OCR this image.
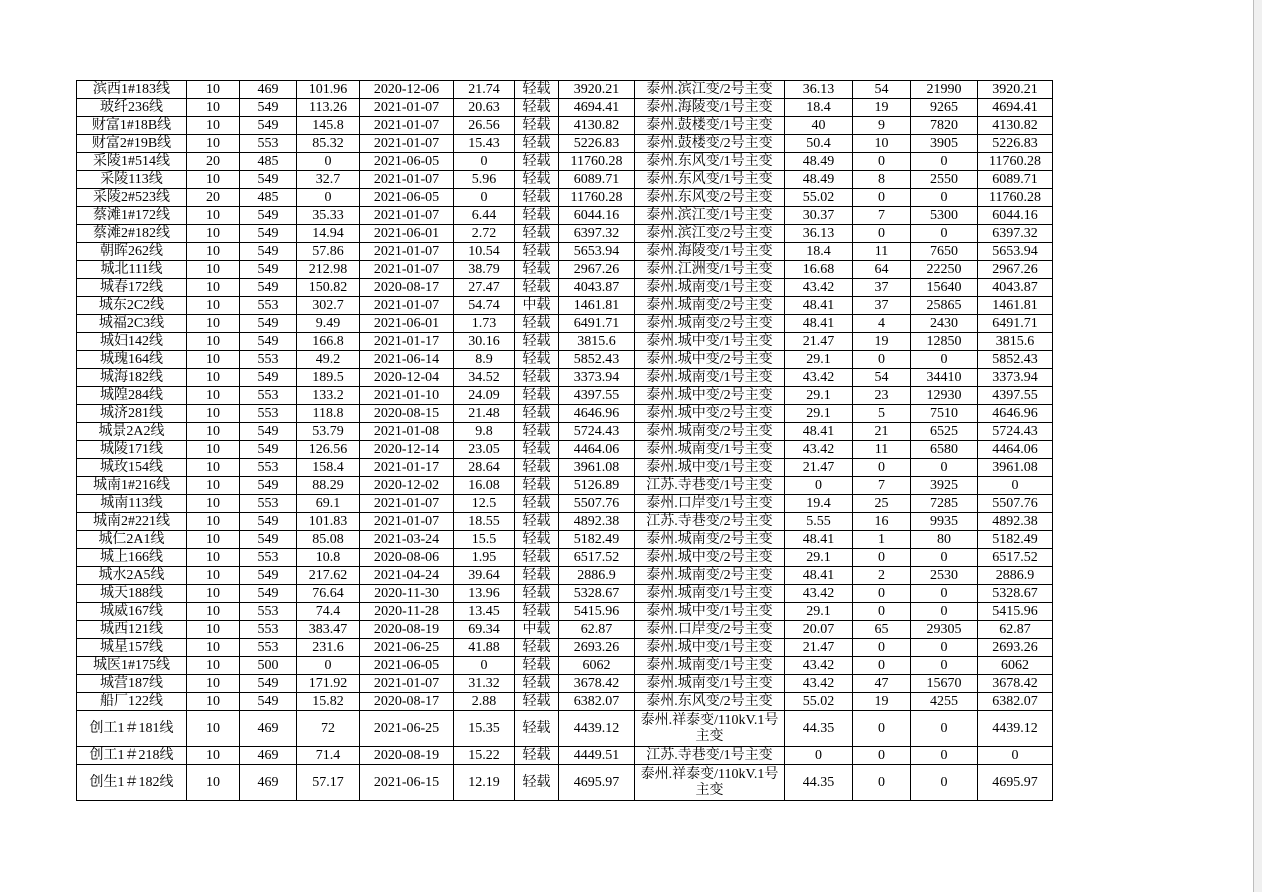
滨西1#183线	10	469	101.96	2020-12-06	21.74	轻载	3920.21	泰州.滨江变/2号主变	36.13	54	21990	3920.21
玻纤236线	10	549	113.26	2021-01-07	20.63	轻载	4694.41	泰州.海陵变/1号主变	18.4	19	9265	4694.41
财富1#18B线	10	549	145.8	2021-01-07	26.56	轻载	4130.82	泰州.鼓楼变/1号主变	40	9	7820	4130.82
财富2#19B线	10	553	85.32	2021-01-07	15.43	轻载	5226.83	泰州.鼓楼变/2号主变	50.4	10	3905	5226.83
采陵1#514线	20	485	0	2021-06-05	0	轻载	11760.28	泰州.东风变/1号主变	48.49	0	0	11760.28
采陵113线	10	549	32.7	2021-01-07	5.96	轻载	6089.71	泰州.东风变/1号主变	48.49	8	2550	6089.71
采陵2#523线	20	485	0	2021-06-05	0	轻载	11760.28	泰州.东风变/2号主变	55.02	0	0	11760.28
蔡滩1#172线	10	549	35.33	2021-01-07	6.44	轻载	6044.16	泰州.滨江变/1号主变	30.37	7	5300	6044.16
蔡滩2#182线	10	549	14.94	2021-06-01	2.72	轻载	6397.32	泰州.滨江变/2号主变	36.13	0	0	6397.32
朝晖262线	10	549	57.86	2021-01-07	10.54	轻载	5653.94	泰州.海陵变/1号主变	18.4	11	7650	5653.94
城北111线	10	549	212.98	2021-01-07	38.79	轻载	2967.26	泰州.江洲变/1号主变	16.68	64	22250	2967.26
城春172线	10	549	150.82	2020-08-17	27.47	轻载	4043.87	泰州.城南变/1号主变	43.42	37	15640	4043.87
城东2C2线	10	553	302.7	2021-01-07	54.74	中载	1461.81	泰州.城南变/2号主变	48.41	37	25865	1461.81
城福2C3线	10	549	9.49	2021-06-01	1.73	轻载	6491.71	泰州.城南变/2号主变	48.41	4	2430	6491.71
城妇142线	10	549	166.8	2021-01-17	30.16	轻载	3815.6	泰州.城中变/1号主变	21.47	19	12850	3815.6
城瑰164线	10	553	49.2	2021-06-14	8.9	轻载	5852.43	泰州.城中变/2号主变	29.1	0	0	5852.43
城海182线	10	549	189.5	2020-12-04	34.52	轻载	3373.94	泰州.城南变/1号主变	43.42	54	34410	3373.94
城隍284线	10	553	133.2	2021-01-10	24.09	轻载	4397.55	泰州.城中变/2号主变	29.1	23	12930	4397.55
城济281线	10	553	118.8	2020-08-15	21.48	轻载	4646.96	泰州.城中变/2号主变	29.1	5	7510	4646.96
城景2A2线	10	549	53.79	2021-01-08	9.8	轻载	5724.43	泰州.城南变/2号主变	48.41	21	6525	5724.43
城陵171线	10	549	126.56	2020-12-14	23.05	轻载	4464.06	泰州.城南变/1号主变	43.42	11	6580	4464.06
城玫154线	10	553	158.4	2021-01-17	28.64	轻载	3961.08	泰州.城中变/1号主变	21.47	0	0	3961.08
城南1#216线	10	549	88.29	2020-12-02	16.08	轻载	5126.89	江苏.寺巷变/1号主变	0	7	3925	0
城南113线	10	553	69.1	2021-01-07	12.5	轻载	5507.76	泰州.口岸变/1号主变	19.4	25	7285	5507.76
城南2#221线	10	549	101.83	2021-01-07	18.55	轻载	4892.38	江苏.寺巷变/2号主变	5.55	16	9935	4892.38
城仁2A1线	10	549	85.08	2021-03-24	15.5	轻载	5182.49	泰州.城南变/2号主变	48.41	1	80	5182.49
城上166线	10	553	10.8	2020-08-06	1.95	轻载	6517.52	泰州.城中变/2号主变	29.1	0	0	6517.52
城水2A5线	10	549	217.62	2021-04-24	39.64	轻载	2886.9	泰州.城南变/2号主变	48.41	2	2530	2886.9
城天188线	10	549	76.64	2020-11-30	13.96	轻载	5328.67	泰州.城南变/1号主变	43.42	0	0	5328.67
城威167线	10	553	74.4	2020-11-28	13.45	轻载	5415.96	泰州.城中变/1号主变	29.1	0	0	5415.96
城西121线	10	553	383.47	2020-08-19	69.34	中载	62.87	泰州.口岸变/2号主变	20.07	65	29305	62.87
城星157线	10	553	231.6	2021-06-25	41.88	轻载	2693.26	泰州.城中变/1号主变	21.47	0	0	2693.26
城医1#175线	10	500	0	2021-06-05	0	轻载	6062	泰州.城南变/1号主变	43.42	0	0	6062
城营187线	10	549	171.92	2021-01-07	31.32	轻载	3678.42	泰州.城南变/1号主变	43.42	47	15670	3678.42
船厂122线	10	549	15.82	2020-08-17	2.88	轻载	6382.07	泰州.东风变/2号主变	55.02	19	4255	6382.07
创工1＃181线	10	469	72	2021-06-25	15.35	轻载	4439.12	泰州.祥泰变/110kV.1号主变	44.35	0	0	4439.12
创工1＃218线	10	469	71.4	2020-08-19	15.22	轻载	4449.51	江苏.寺巷变/1号主变	0	0	0	0
创生1＃182线	10	469	57.17	2021-06-15	12.19	轻载	4695.97	泰州.祥泰变/110kV.1号主变	44.35	0	0	4695.97
